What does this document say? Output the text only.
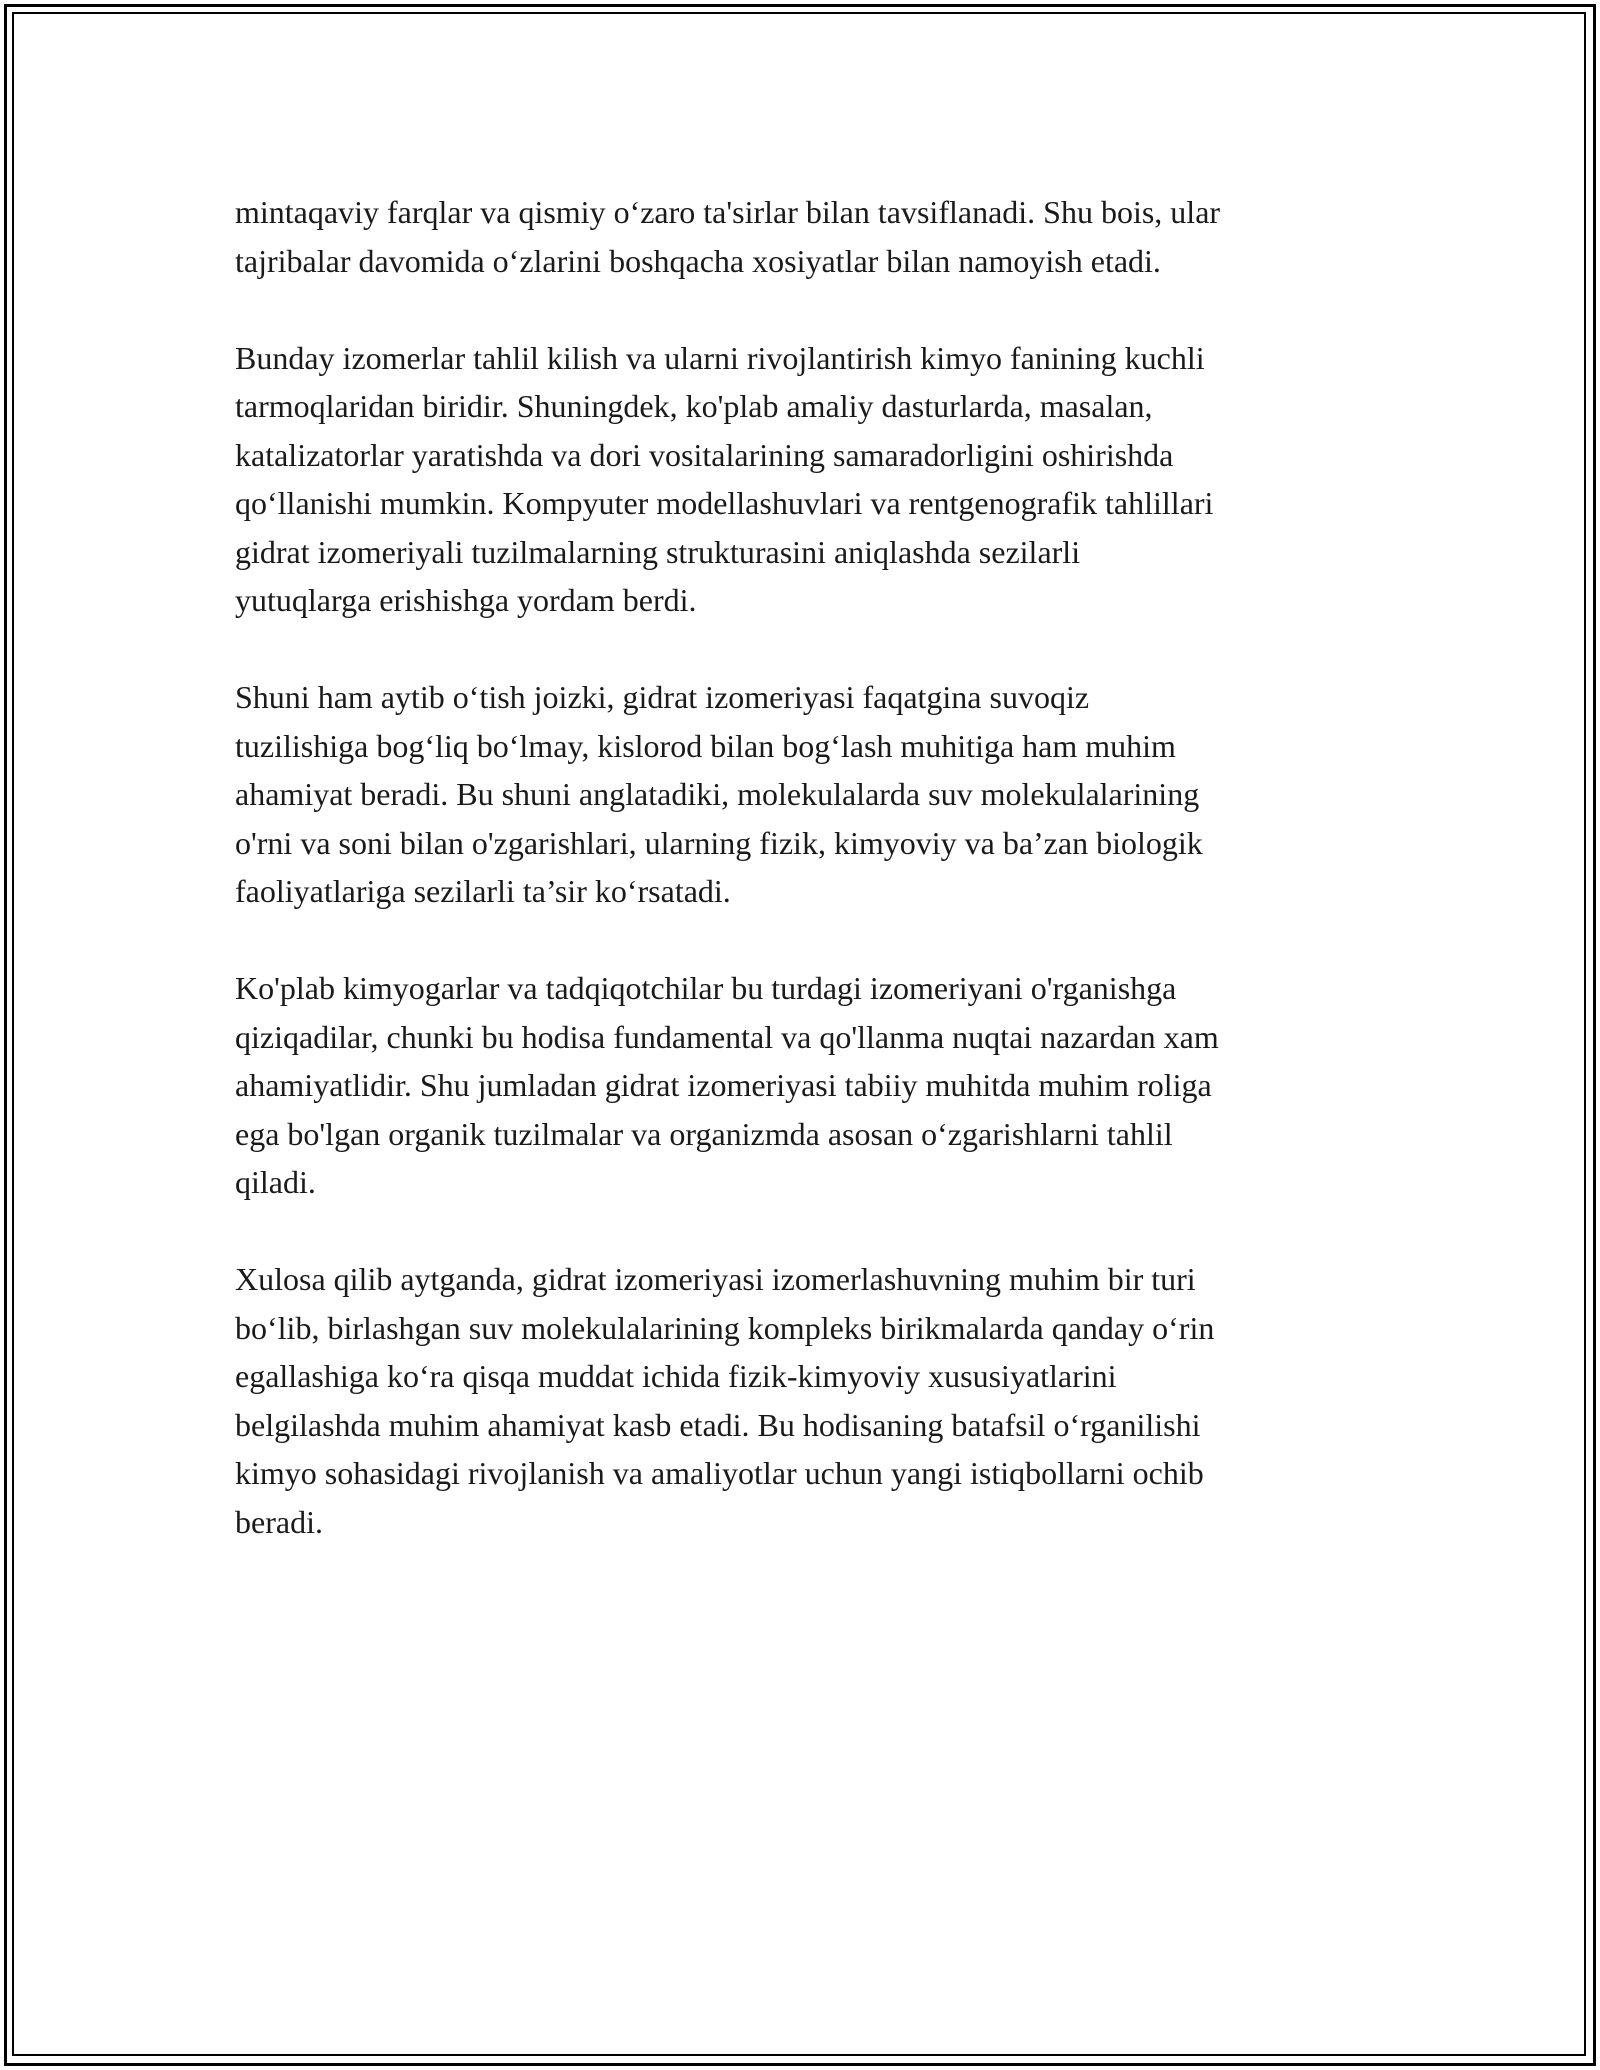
mintaqaviy farqlar va qismiy o‘zaro ta'sirlar bilan tavsiflanadi. Shu bois, ular
tajribalar davomida o‘zlarini boshqacha xosiyatlar bilan namoyish etadi.

Bunday izomerlar tahlil kilish va ularni rivojlantirish kimyo fanining kuchli
tarmoqlaridan biridir. Shuningdek, ko'plab amaliy dasturlarda, masalan,
katalizatorlar yaratishda va dori vositalarining samaradorligini oshirishda
qo‘llanishi mumkin. Kompyuter modellashuvlari va rentgenografik tahlillari
gidrat izomeriyali tuzilmalarning strukturasini aniqlashda sezilarli
yutuqlarga erishishga yordam berdi.

Shuni ham aytib o‘tish joizki, gidrat izomeriyasi faqatgina suvoqiz
tuzilishiga bog‘liq bo‘lmay, kislorod bilan bog‘lash muhitiga ham muhim
ahamiyat beradi. Bu shuni anglatadiki, molekulalarda suv molekulalarining
o'rni va soni bilan o'zgarishlari, ularning fizik, kimyoviy va ba’zan biologik
faoliyatlariga sezilarli ta’sir ko‘rsatadi.

Ko'plab kimyogarlar va tadqiqotchilar bu turdagi izomeriyani o'rganishga
qiziqadilar, chunki bu hodisa fundamental va qo'llanma nuqtai nazardan xam
ahamiyatlidir. Shu jumladan gidrat izomeriyasi tabiiy muhitda muhim roliga
ega bo'lgan organik tuzilmalar va organizmda asosan o‘zgarishlarni tahlil
qiladi.

Xulosa qilib aytganda, gidrat izomeriyasi izomerlashuvning muhim bir turi
bo‘lib, birlashgan suv molekulalarining kompleks birikmalarda qanday o‘rin
egallashiga ko‘ra qisqa muddat ichida fizik-kimyoviy xususiyatlarini
belgilashda muhim ahamiyat kasb etadi. Bu hodisaning batafsil o‘rganilishi
kimyo sohasidagi rivojlanish va amaliyotlar uchun yangi istiqbollarni ochib
beradi.
